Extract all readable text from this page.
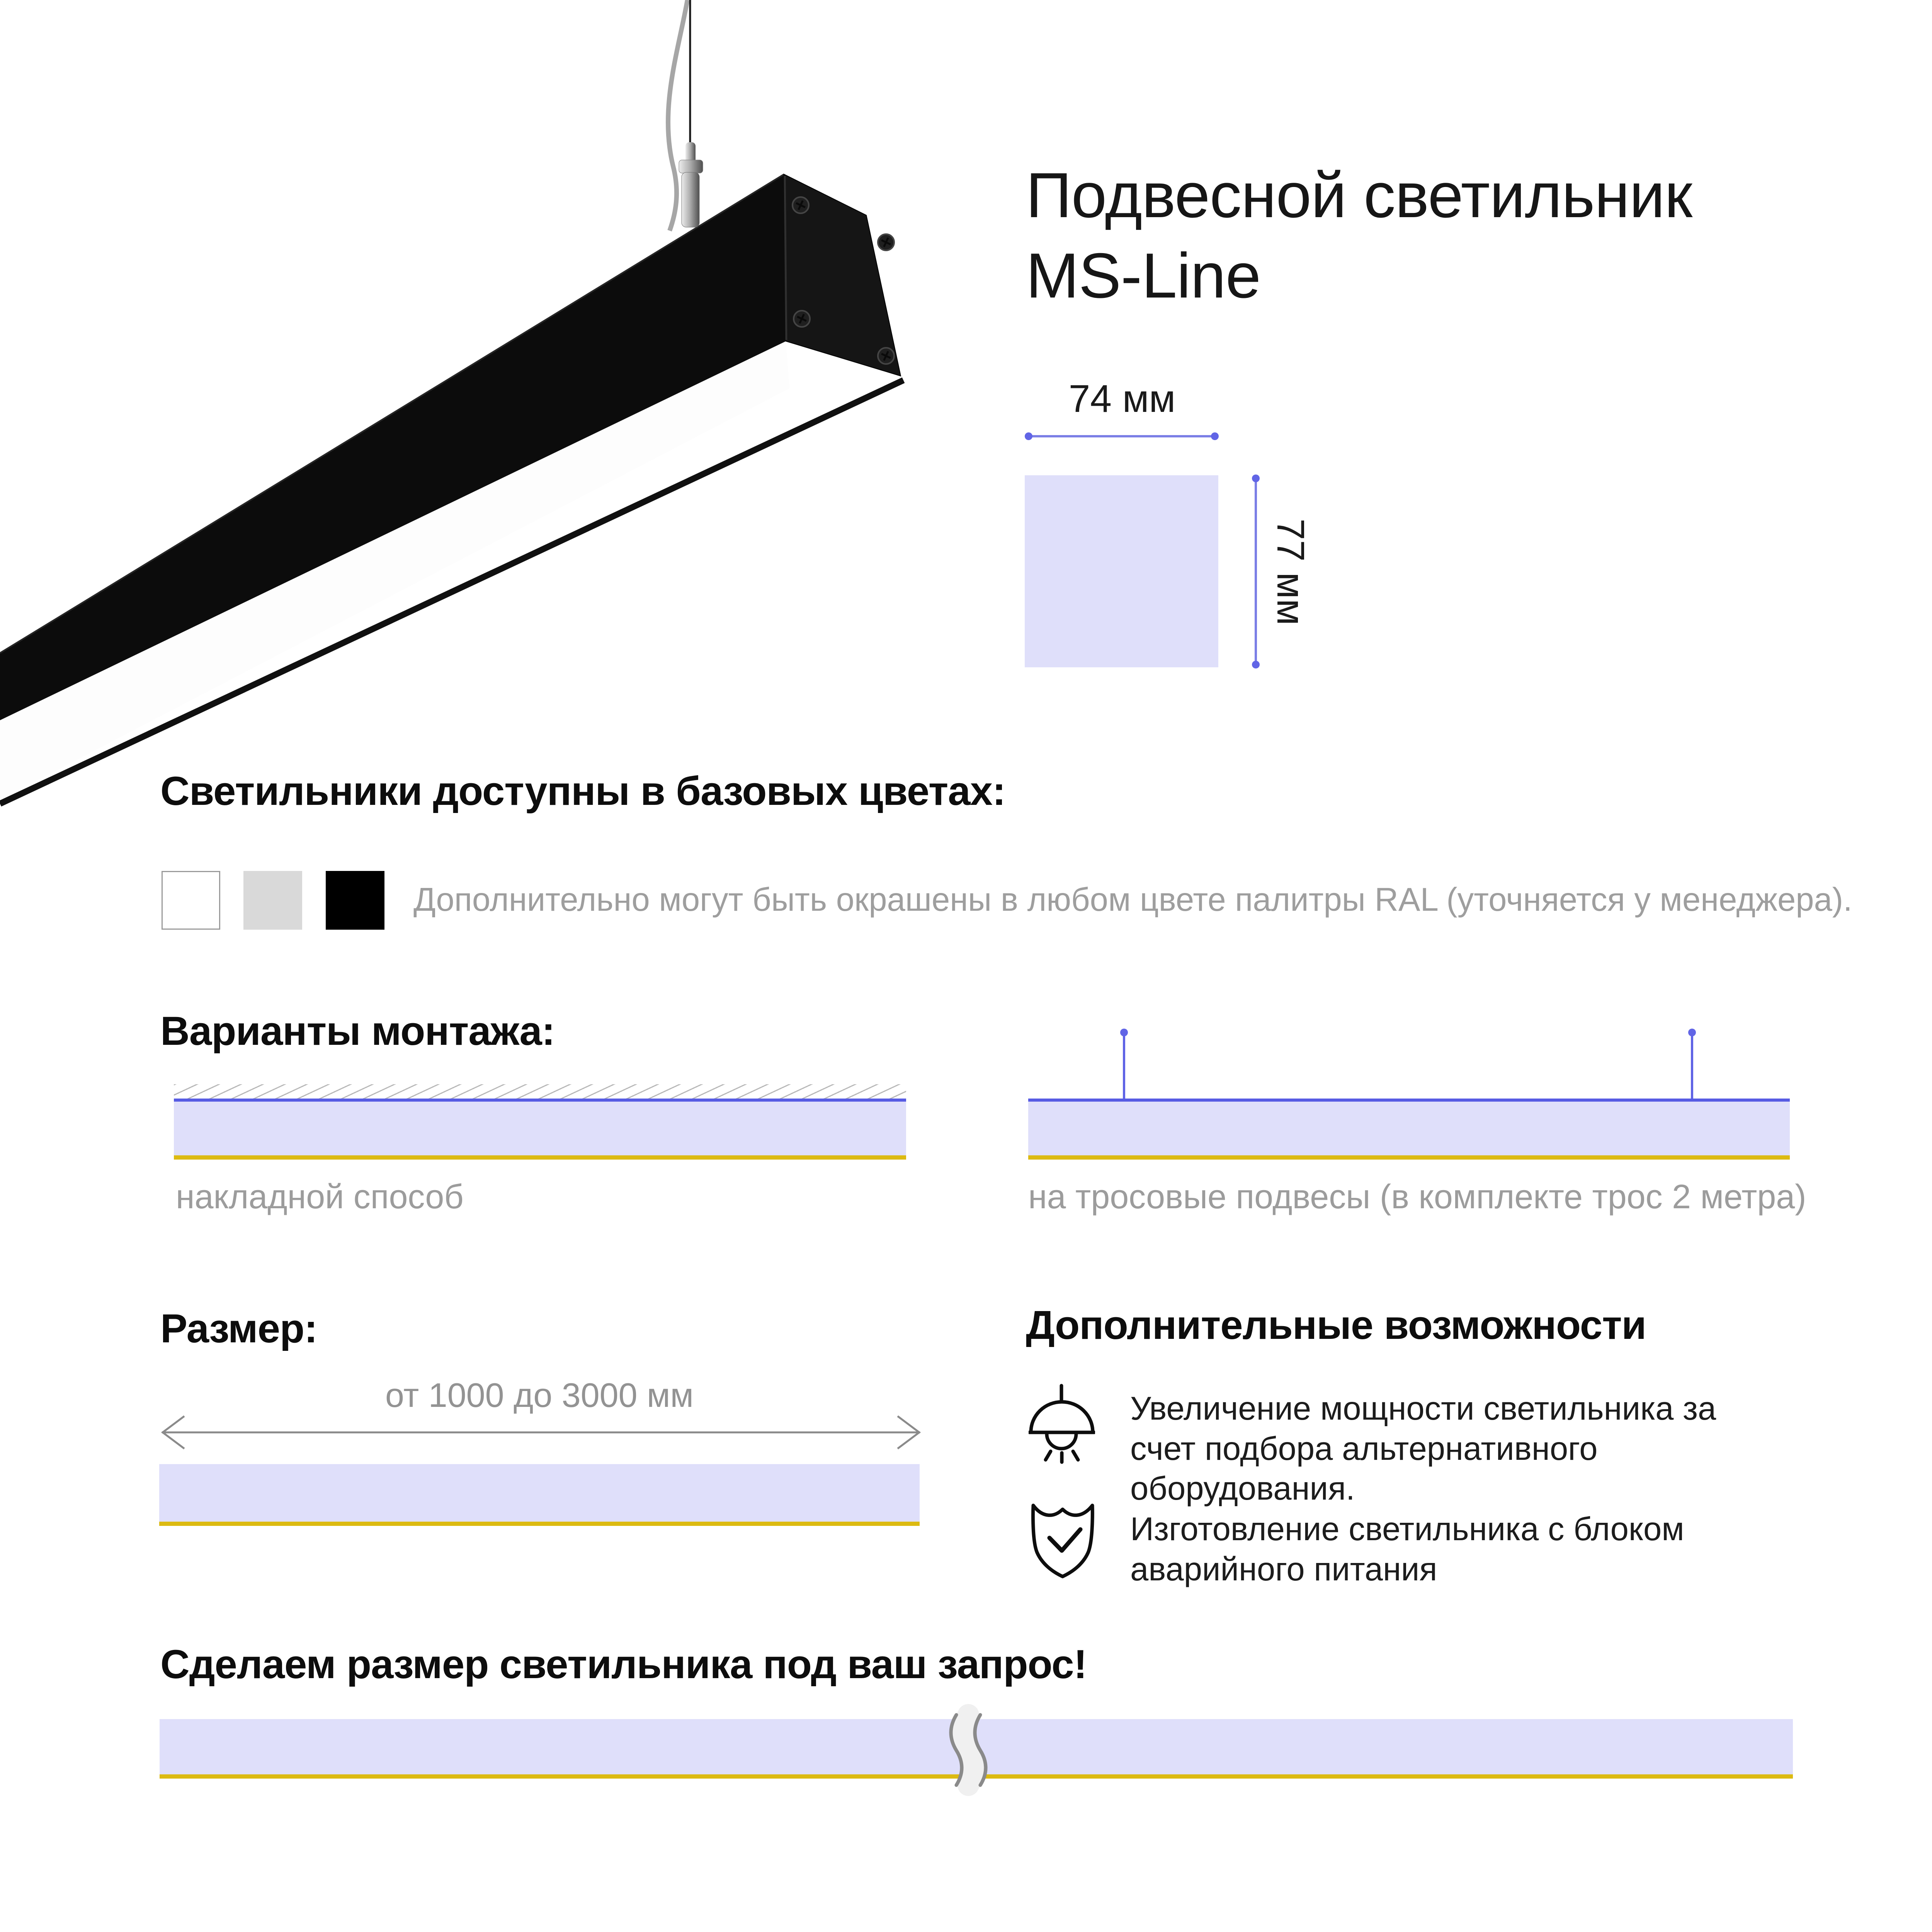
Подвесной светильник MS-Line
74 мм
77 мм
Светильники доступны в базовых цветах:
Дополнительно могут быть окрашены в любом цвете палитры RAL (уточняется у менеджера).
Варианты монтажа:
накладной способ	на тросовые подвесы (в комплекте трос 2 метра)
Размер:
от 1000 до 3000 мм
Дополнительные возможности
Увеличение мощности светильника за счет подбора альтернативного оборудования.
Изготовление светильника с блоком аварийного питания
Сделаем размер светильника под ваш запрос!
